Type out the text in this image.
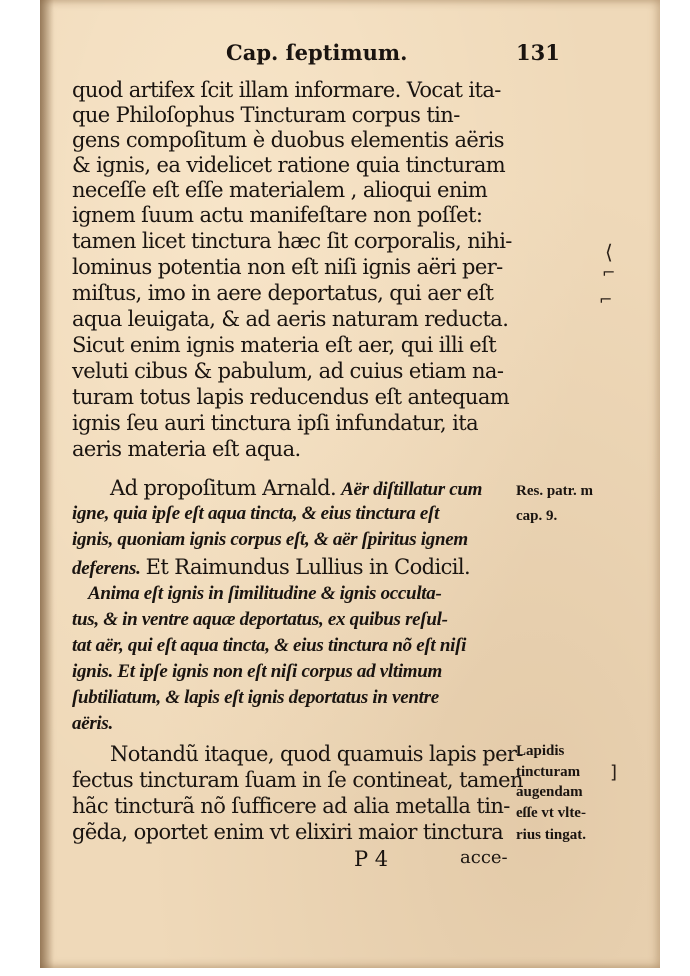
Cap. ſeptimum.	131
quod artifex ſcit illam informare. Vocat ita-
que Philoſophus Tincturam corpus tin-
gens compoſitum è duobus elementis aëris
& ignis, ea videlicet ratione quia tincturam
neceſſe eſt eſſe materialem , alioqui enim
ignem ſuum actu manifeſtare non poſſet:
tamen licet tinctura hæc ſit corporalis, nihi-
lominus potentia non eſt niſi ignis aëri per-
miſtus, imo in aere deportatus, qui aer eſt
aqua leuigata, & ad aeris naturam reducta.
Sicut enim ignis materia eſt aer, qui illi eſt
veluti cibus & pabulum, ad cuius etiam na-
turam totus lapis reducendus eſt antequam
ignis ſeu auri tinctura ipſi infundatur, ita
aeris materia eſt aqua.
Ad propoſitum Arnald. Aër diſtillatur cum
igne, quia ipſe eſt aqua tincta, & eius tinctura eſt
ignis, quoniam ignis corpus eſt, & aër ſpiritus ignem
deferens. Et Raimundus Lullius in Codicil.
Anima eſt ignis in ſimilitudine & ignis occulta-
tus, & in ventre aquæ deportatus, ex quibus reſul-
tat aër, qui eſt aqua tincta, & eius tinctura nõ eſt niſi
ignis. Et ipſe ignis non eſt niſi corpus ad vltimum
ſubtiliatum, & lapis eſt ignis deportatus in ventre
aëris.
Notandũ itaque, quod quamuis lapis per-
fectus tincturam ſuam in ſe contineat, tamen
hãc tincturã nõ ſufficere ad alia metalla tin-
gẽda, oportet enim vt elixiri maior tinctura
Res. patr. m
cap. 9.
Lapidis
tincturam
augendam
eſſe vt vlte-
rius tingat.
⟨
⌐
⌐
]
P 4	acce-
